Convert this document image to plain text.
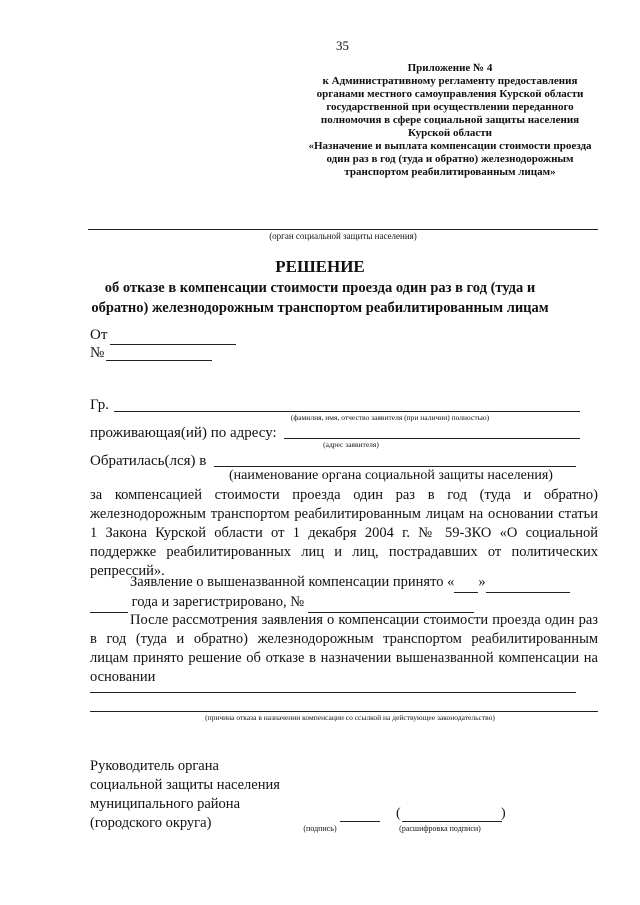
35
Приложение № 4
к Административному регламенту предоставления
органами местного самоуправления Курской области
государственной при осуществлении переданного
полномочия в сфере социальной защиты населения
Курской области
«Назначение и выплата компенсации стоимости проезда
один раз в год (туда и обратно) железнодорожным
транспортом реабилитированным лицам»
(орган социальной защиты населения)
РЕШЕНИЕ
об отказе в компенсации стоимости проезда один раз в год (туда и
обратно) железнодорожным транспортом реабилитированным лицам
От
№
Гр.
(фамилия, имя, отчество заявителя (при наличии) полностью)
проживающая(ий) по адресу:
(адрес заявителя)
Обратилась(лся) в
(наименование органа социальной защиты населения)
за компенсацией стоимости проезда один раз в год (туда и обратно) железнодорожным транспортом реабилитированным лицам на основании статьи 1 Закона Курской области от 1 декабря 2004 г. № 59-ЗКО «О социальной поддержке реабилитированных лиц и лиц, пострадавших от политических репрессий».
Заявление о вышеназванной компенсации принято « »
года и зарегистрировано, №
После рассмотрения заявления о компенсации стоимости проезда один раз в год (туда и обратно) железнодорожным транспортом реабилитированным лицам принято решение об отказе в назначении вышеназванной компенсации на основании
(причина отказа в назначении компенсации со ссылкой на действующее законодательство)
Руководитель органа
социальной защиты населения
муниципального района
(городского округа)	(подпись)
(	)
(расшифровка подписи)
